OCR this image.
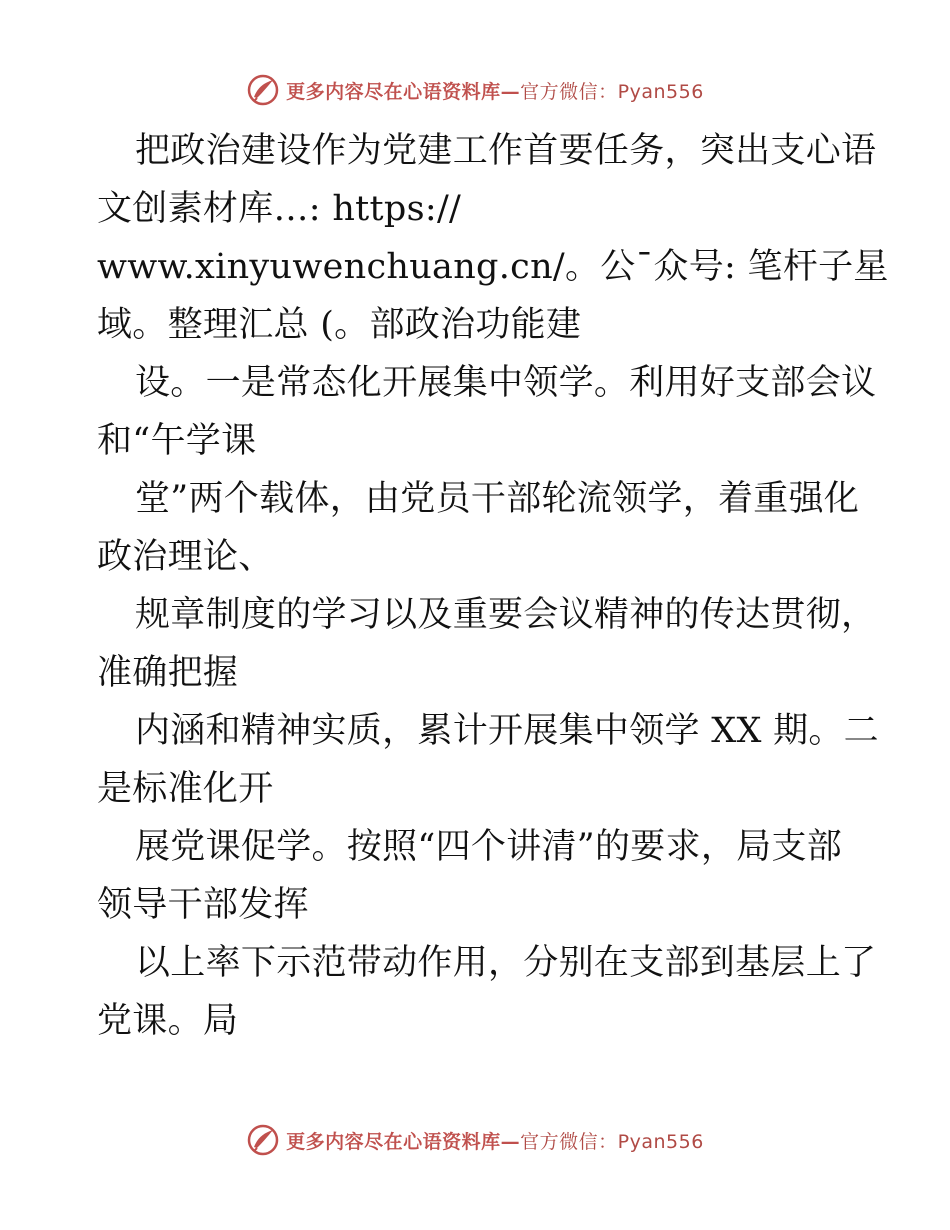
更多内容尽在心语资料库—官方微信：Pyan556
把政治建设作为党建工作首要任务，突出支心语
文创素材库…: https://
www.xinyuwenchuang.cn/。公¯众号: 笔杆子星
域。整理汇总 (。部政治功能建
设。一是常态化开展集中领学。利用好支部会议
和“午学课
堂”两个载体，由党员干部轮流领学，着重强化
政治理论、
规章制度的学习以及重要会议精神的传达贯彻，
准确把握
内涵和精神实质，累计开展集中领学 XX 期。二
是标准化开
展党课促学。按照“四个讲清”的要求，局支部
领导干部发挥
以上率下示范带动作用，分别在支部到基层上了
党课。局
更多内容尽在心语资料库—官方微信：Pyan556
